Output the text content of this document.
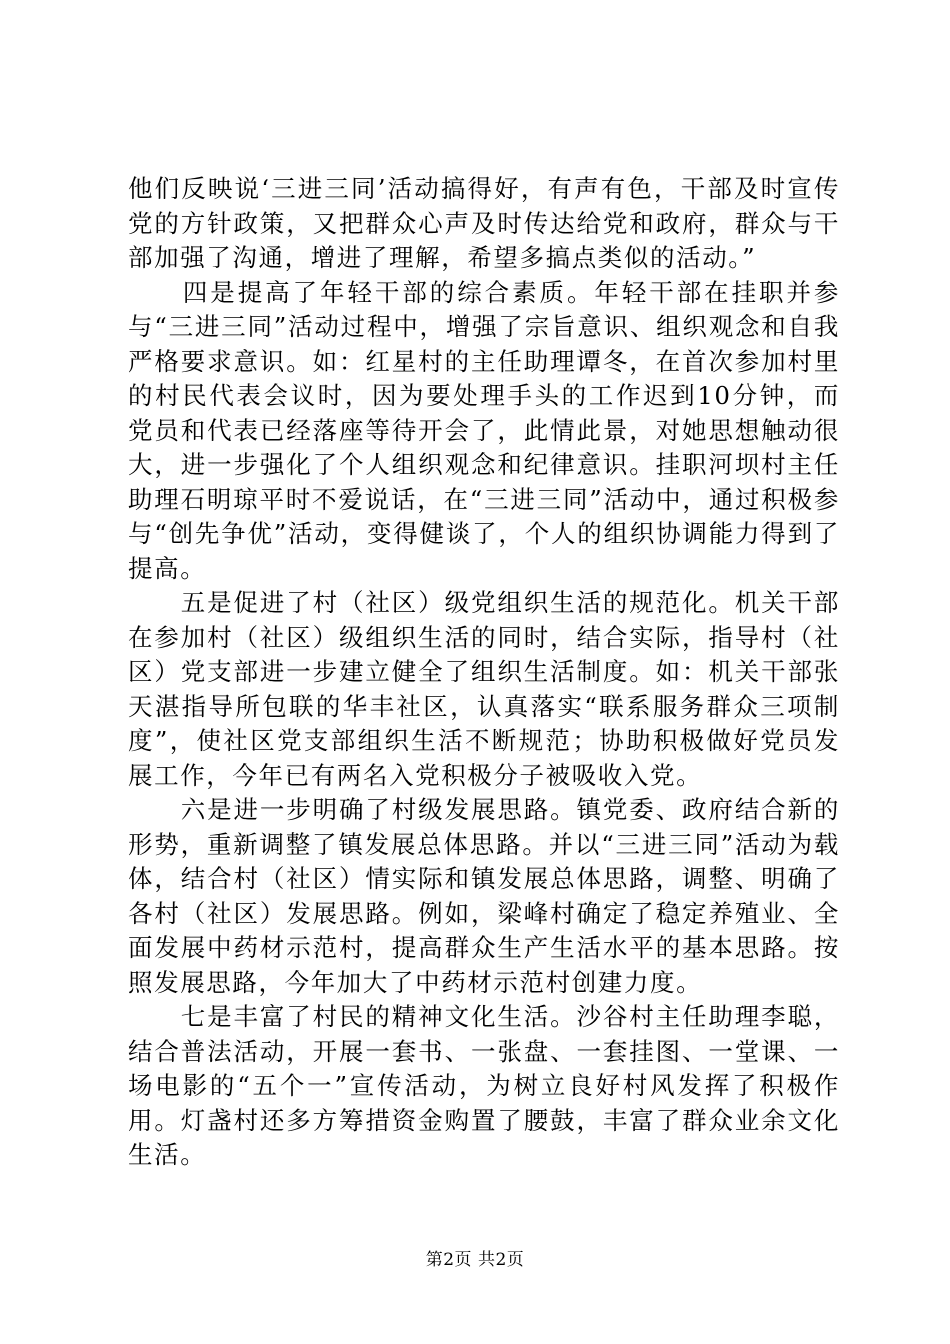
他们反映说‘三进三同’活动搞得好，有声有色，干部及时宣传党的方针政策，又把群众心声及时传达给党和政府，群众与干部加强了沟通，增进了理解，希望多搞点类似的活动。”

　　四是提高了年轻干部的综合素质。年轻干部在挂职并参与“三进三同”活动过程中，增强了宗旨意识、组织观念和自我严格要求意识。如：红星村的主任助理谭冬，在首次参加村里的村民代表会议时，因为要处理手头的工作迟到10分钟，而党员和代表已经落座等待开会了，此情此景，对她思想触动很大，进一步强化了个人组织观念和纪律意识。挂职河坝村主任助理石明琼平时不爱说话，在“三进三同”活动中，通过积极参与“创先争优”活动，变得健谈了，个人的组织协调能力得到了提高。

　　五是促进了村（社区）级党组织生活的规范化。机关干部在参加村（社区）级组织生活的同时，结合实际，指导村（社区）党支部进一步建立健全了组织生活制度。如：机关干部张天湛指导所包联的华丰社区，认真落实“联系服务群众三项制度”，使社区党支部组织生活不断规范；协助积极做好党员发展工作，今年已有两名入党积极分子被吸收入党。

　　六是进一步明确了村级发展思路。镇党委、政府结合新的形势，重新调整了镇发展总体思路。并以“三进三同”活动为载体，结合村（社区）情实际和镇发展总体思路，调整、明确了各村（社区）发展思路。例如，梁峰村确定了稳定养殖业、全面发展中药材示范村，提高群众生产生活水平的基本思路。按照发展思路，今年加大了中药材示范村创建力度。

　　七是丰富了村民的精神文化生活。沙谷村主任助理李聪，结合普法活动，开展一套书、一张盘、一套挂图、一堂课、一场电影的“五个一”宣传活动，为树立良好村风发挥了积极作用。灯盏村还多方筹措资金购置了腰鼓，丰富了群众业余文化生活。

第2页 共2页
